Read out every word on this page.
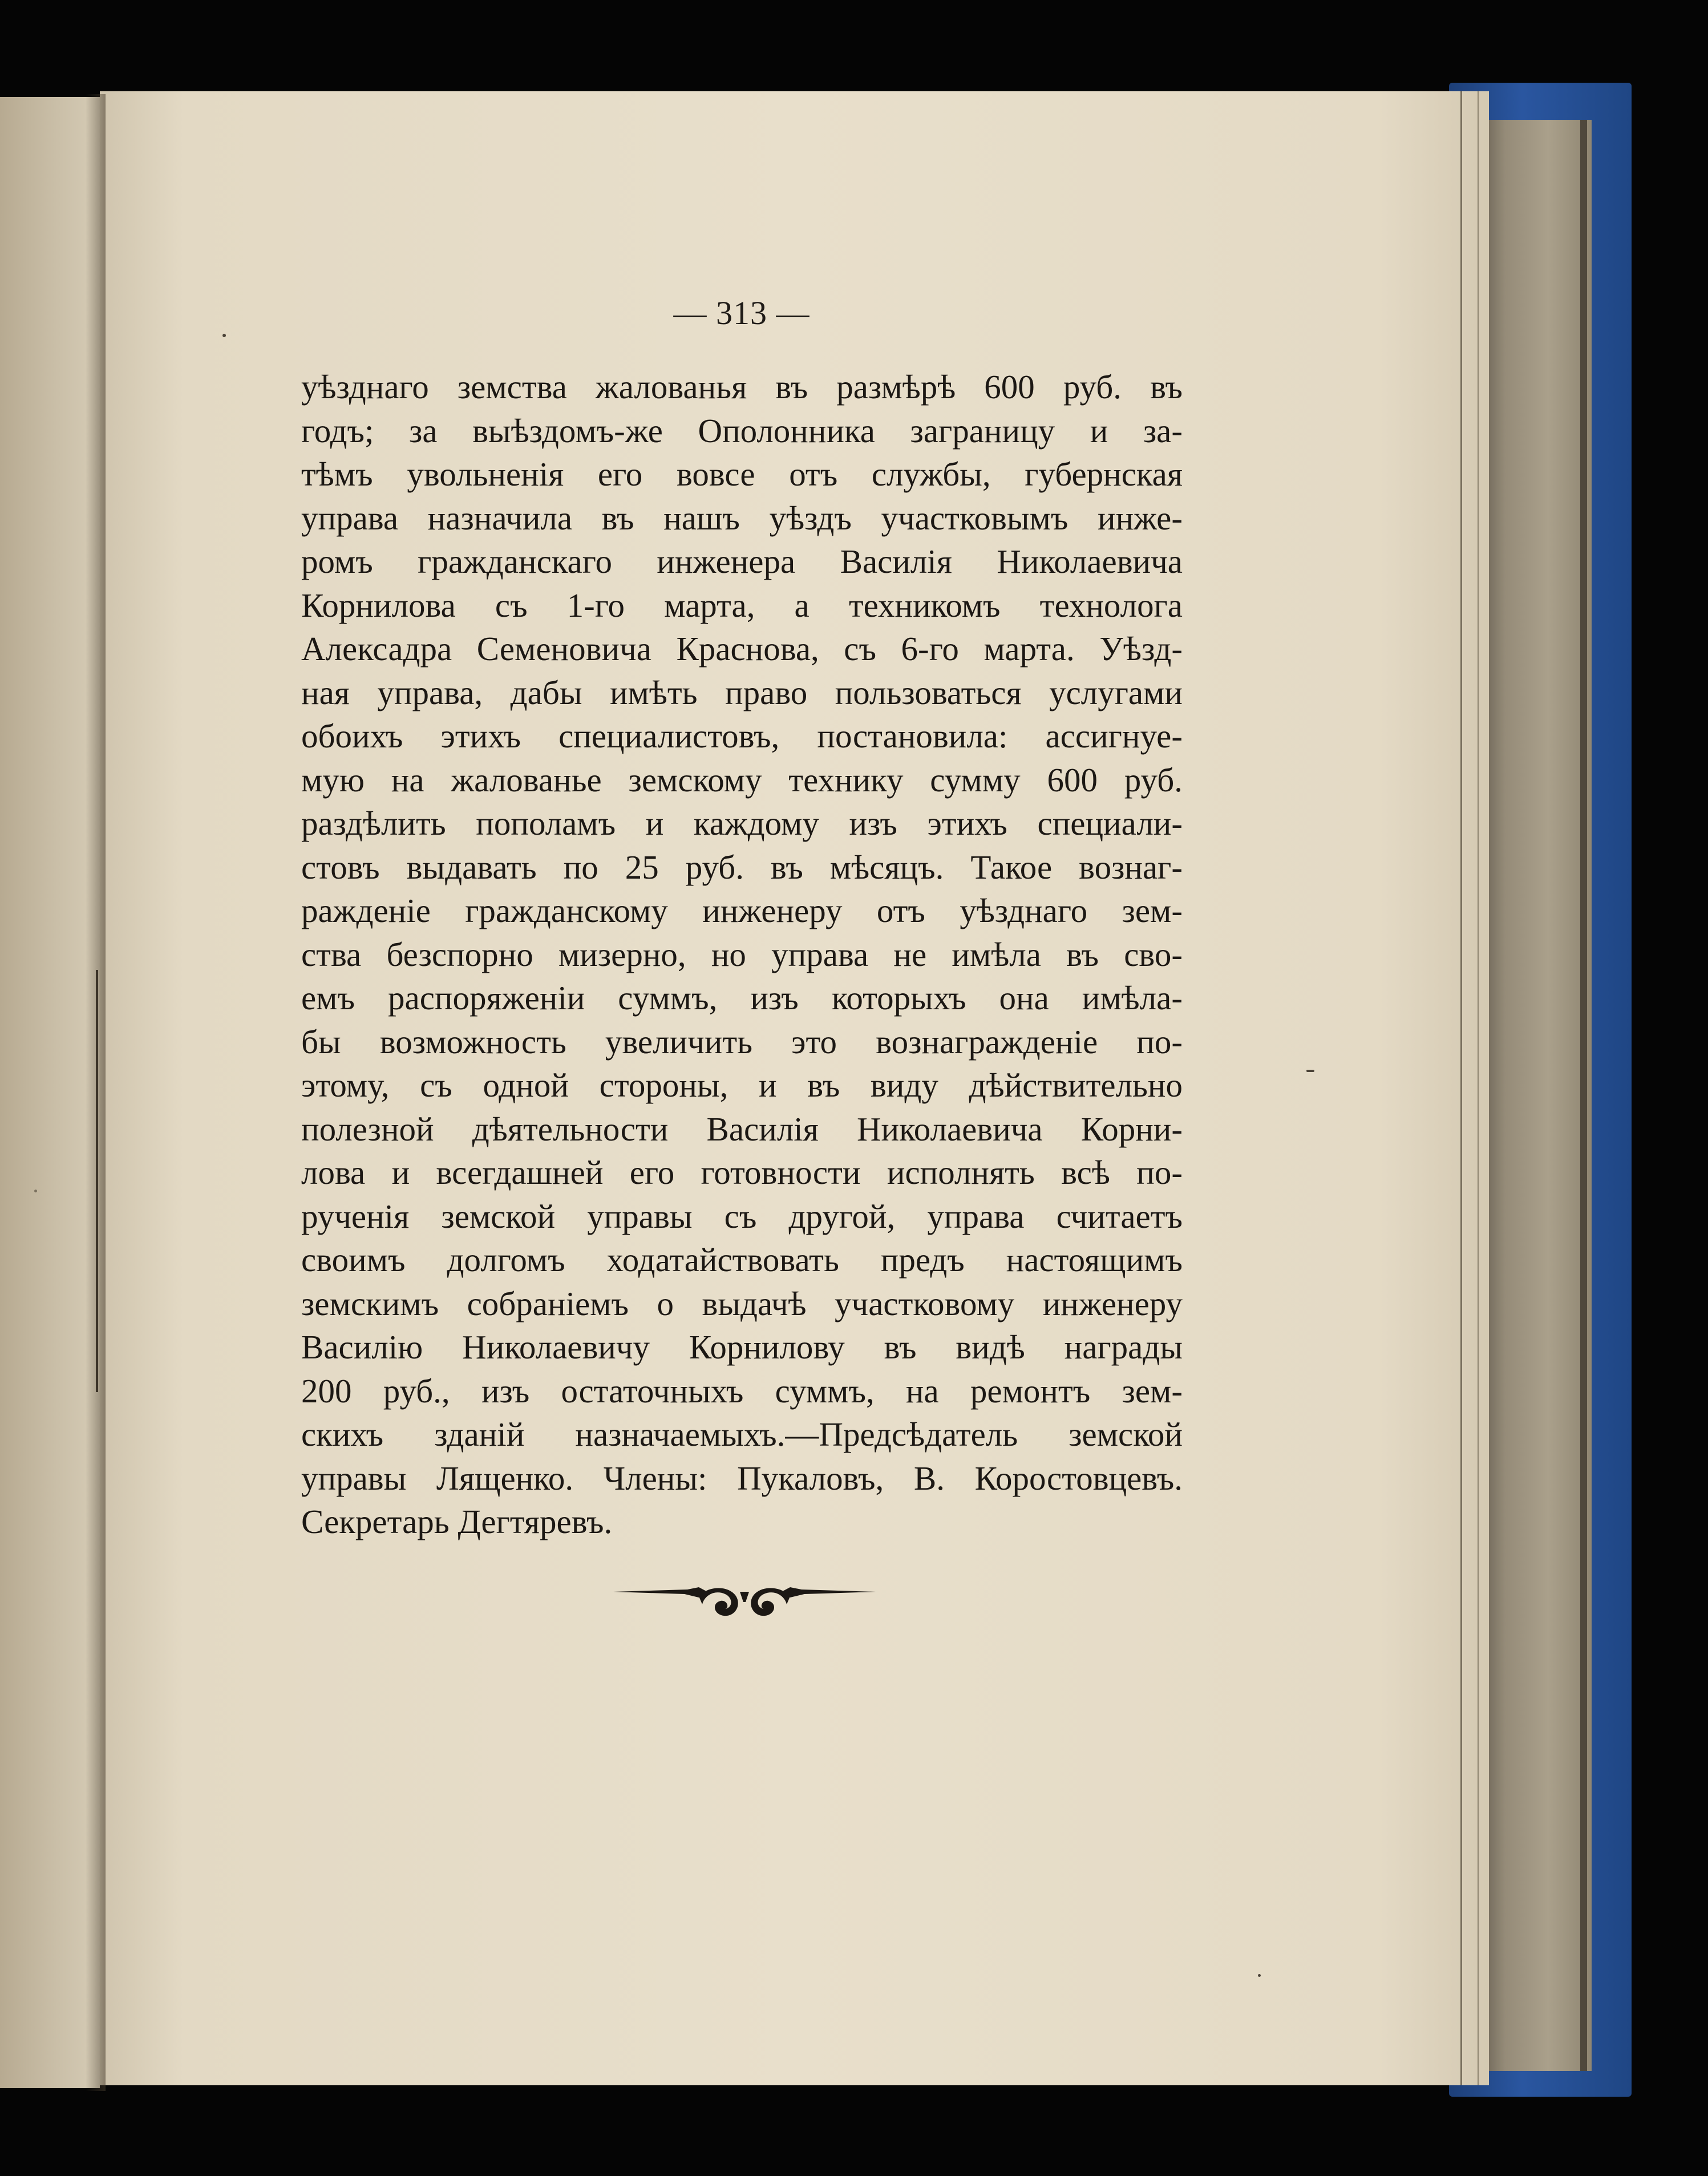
— 313 —
уѣзднаго земства жалованья въ размѣрѣ 600 руб. въ
годъ; за выѣздомъ-же Ополонника заграницу и за-
тѣмъ увольненія его вовсе отъ службы, губернская
управа назначила въ нашъ уѣздъ участковымъ инже-
ромъ гражданскаго инженера Василія Николаевича
Корнилова съ 1-го марта, а техникомъ технолога
Алексадра Семеновича Краснова, съ 6-го марта. Уѣзд-
ная управа, дабы имѣть право пользоваться услугами
обоихъ этихъ специалистовъ, постановила: ассигнуе-
мую на жалованье земскому технику сумму 600 руб.
раздѣлить пополамъ и каждому изъ этихъ специали-
стовъ выдавать по 25 руб. въ мѣсяцъ. Такое вознаг-
ражденіе гражданскому инженеру отъ уѣзднаго зем-
ства безспорно мизерно, но управа не имѣла въ сво-
емъ распоряженіи суммъ, изъ которыхъ она имѣла-
бы возможность увеличить это вознагражденіе по-
этому, съ одной стороны, и въ виду дѣйствительно
полезной дѣятельности Василія Николаевича Корни-
лова и всегдашней его готовности исполнять всѣ по-
рученія земской управы съ другой, управа считаетъ
своимъ долгомъ ходатайствовать предъ настоящимъ
земскимъ собраніемъ о выдачѣ участковому инженеру
Василію Николаевичу Корнилову въ видѣ награды
200 руб., изъ остаточныхъ суммъ, на ремонтъ зем-
скихъ зданій назначаемыхъ.—Предсѣдатель земской
управы Лященко. Члены: Пукаловъ, В. Коростовцевъ.
Секретарь Дегтяревъ.
